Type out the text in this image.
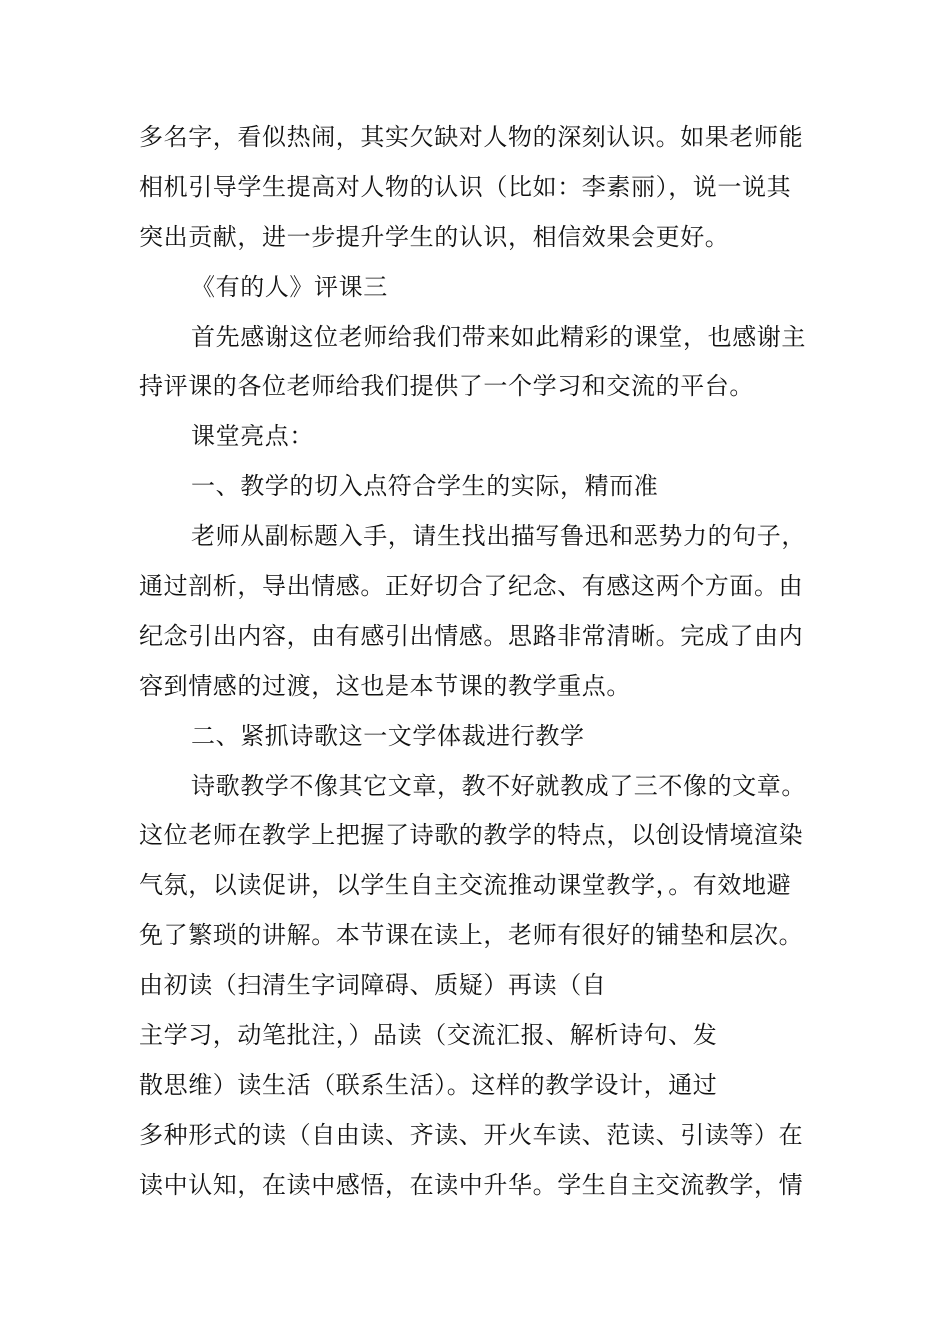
多名字，看似热闹，其实欠缺对人物的深刻认识。如果老师能
相机引导学生提高对人物的认识（比如：李素丽），说一说其
突出贡献，进一步提升学生的认识，相信效果会更好。
《有的人》评课三
首先感谢这位老师给我们带来如此精彩的课堂，也感谢主
持评课的各位老师给我们提供了一个学习和交流的平台。
课堂亮点：
一、教学的切入点符合学生的实际，精而准
老师从副标题入手，请生找出描写鲁迅和恶势力的句子，
通过剖析，导出情感。正好切合了纪念、有感这两个方面。由
纪念引出内容，由有感引出情感。思路非常清晰。完成了由内
容到情感的过渡，这也是本节课的教学重点。
二、紧抓诗歌这一文学体裁进行教学
诗歌教学不像其它文章，教不好就教成了三不像的文章。
这位老师在教学上把握了诗歌的教学的特点，以创设情境渲染
气氛，以读促讲，以学生自主交流推动课堂教学，。有效地避
免了繁琐的讲解。本节课在读上，老师有很好的铺垫和层次。
由初读（扫清生字词障碍、质疑）再读（自
主学习，动笔批注，）品读（交流汇报、解析诗句、发
散思维）读生活（联系生活）。这样的教学设计，通过
多种形式的读（自由读、齐读、开火车读、范读、引读等）在
读中认知，在读中感悟，在读中升华。学生自主交流教学，情
